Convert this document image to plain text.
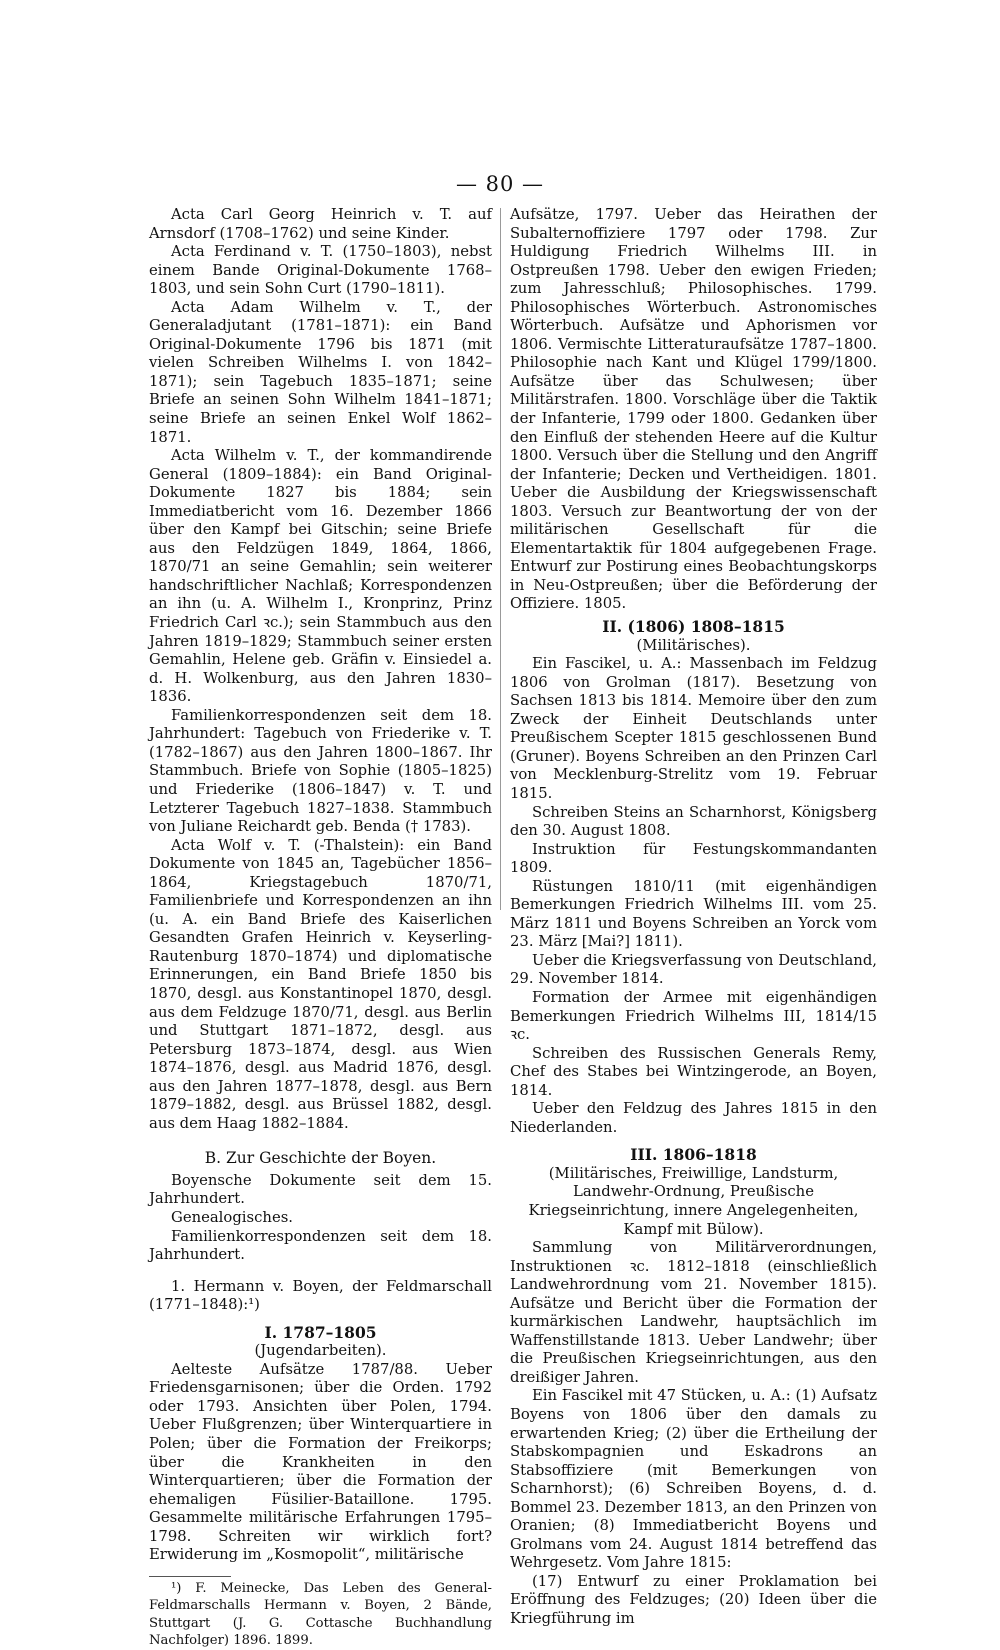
— 80 —

Acta Carl Georg Heinrich v. T. auf Arnsdorf (1708–1762) und seine Kinder.

Acta Ferdinand v. T. (1750–1803), nebst einem Bande Original-Dokumente 1768–1803, und sein Sohn Curt (1790–1811).

Acta Adam Wilhelm v. T., der Generaladjutant (1781–1871): ein Band Original-Dokumente 1796 bis 1871 (mit vielen Schreiben Wilhelms I. von 1842–1871); sein Tagebuch 1835–1871; seine Briefe an seinen Sohn Wilhelm 1841–1871; seine Briefe an seinen Enkel Wolf 1862–1871.

Acta Wilhelm v. T., der kommandirende General (1809–1884): ein Band Original-Dokumente 1827 bis 1884; sein Immediatbericht vom 16. Dezember 1866 über den Kampf bei Gitschin; seine Briefe aus den Feldzügen 1849, 1864, 1866, 1870/71 an seine Gemahlin; sein weiterer handschriftlicher Nachlaß; Korrespondenzen an ihn (u. A. Wilhelm I., Kronprinz, Prinz Friedrich Carl ꝛc.); sein Stammbuch aus den Jahren 1819–1829; Stammbuch seiner ersten Gemahlin, Helene geb. Gräfin v. Einsiedel a. d. H. Wolkenburg, aus den Jahren 1830–1836.

Familienkorrespondenzen seit dem 18. Jahrhundert: Tagebuch von Friederike v. T. (1782–1867) aus den Jahren 1800–1867. Ihr Stammbuch. Briefe von Sophie (1805–1825) und Friederike (1806–1847) v. T. und Letzterer Tagebuch 1827–1838. Stammbuch von Juliane Reichardt geb. Benda († 1783).

Acta Wolf v. T. (-Thalstein): ein Band Dokumente von 1845 an, Tagebücher 1856–1864, Kriegstagebuch 1870/71, Familienbriefe und Korrespondenzen an ihn (u. A. ein Band Briefe des Kaiserlichen Gesandten Grafen Heinrich v. Keyserling-Rautenburg 1870–1874) und diplomatische Erinnerungen, ein Band Briefe 1850 bis 1870, desgl. aus Konstantinopel 1870, desgl. aus dem Feldzuge 1870/71, desgl. aus Berlin und Stuttgart 1871–1872, desgl. aus Petersburg 1873–1874, desgl. aus Wien 1874–1876, desgl. aus Madrid 1876, desgl. aus den Jahren 1877–1878, desgl. aus Bern 1879–1882, desgl. aus Brüssel 1882, desgl. aus dem Haag 1882–1884.

B. Zur Geschichte der Boyen.

Boyensche Dokumente seit dem 15. Jahrhundert.

Genealogisches.

Familienkorrespondenzen seit dem 18. Jahrhundert.

1. Hermann v. Boyen, der Feldmarschall (1771–1848):¹)

I. 1787–1805

(Jugendarbeiten).

Aelteste Aufsätze 1787/88. Ueber Friedensgarnisonen; über die Orden. 1792 oder 1793. Ansichten über Polen, 1794. Ueber Flußgrenzen; über Winterquartiere in Polen; über die Formation der Freikorps; über die Krankheiten in den Winterquartieren; über die Formation der ehemaligen Füsilier-Bataillone. 1795. Gesammelte militärische Erfahrungen 1795–1798. Schreiten wir wirklich fort? Erwiderung im „Kosmopolit“, militärische

¹) F. Meinecke, Das Leben des General-Feldmarschalls Hermann v. Boyen, 2 Bände, Stuttgart (J. G. Cottasche Buchhandlung Nachfolger) 1896. 1899.

Aufsätze, 1797. Ueber das Heirathen der Subalternoffiziere 1797 oder 1798. Zur Huldigung Friedrich Wilhelms III. in Ostpreußen 1798. Ueber den ewigen Frieden; zum Jahresschluß; Philosophisches. 1799. Philosophisches Wörterbuch. Astronomisches Wörterbuch. Aufsätze und Aphorismen vor 1806. Vermischte Litteraturaufsätze 1787–1800. Philosophie nach Kant und Klügel 1799/1800. Aufsätze über das Schulwesen; über Militärstrafen. 1800. Vorschläge über die Taktik der Infanterie, 1799 oder 1800. Gedanken über den Einfluß der stehenden Heere auf die Kultur 1800. Versuch über die Stellung und den Angriff der Infanterie; Decken und Vertheidigen. 1801. Ueber die Ausbildung der Kriegswissenschaft 1803. Versuch zur Beantwortung der von der militärischen Gesellschaft für die Elementartaktik für 1804 aufgegebenen Frage. Entwurf zur Postirung eines Beobachtungskorps in Neu-Ostpreußen; über die Beförderung der Offiziere. 1805.

II. (1806) 1808–1815

(Militärisches).

Ein Fascikel, u. A.: Massenbach im Feldzug 1806 von Grolman (1817). Besetzung von Sachsen 1813 bis 1814. Memoire über den zum Zweck der Einheit Deutschlands unter Preußischem Scepter 1815 geschlossenen Bund (Gruner). Boyens Schreiben an den Prinzen Carl von Mecklenburg-Strelitz vom 19. Februar 1815.

Schreiben Steins an Scharnhorst, Königsberg den 30. August 1808.

Instruktion für Festungskommandanten 1809.

Rüstungen 1810/11 (mit eigenhändigen Bemerkungen Friedrich Wilhelms III. vom 25. März 1811 und Boyens Schreiben an Yorck vom 23. März [Mai?] 1811).

Ueber die Kriegsverfassung von Deutschland, 29. November 1814.

Formation der Armee mit eigenhändigen Bemerkungen Friedrich Wilhelms III, 1814/15 ꝛc.

Schreiben des Russischen Generals Remy, Chef des Stabes bei Wintzingerode, an Boyen, 1814.

Ueber den Feldzug des Jahres 1815 in den Niederlanden.

III. 1806–1818

(Militärisches, Freiwillige, Landsturm, Landwehr-Ordnung, Preußische Kriegseinrichtung, innere Angelegenheiten, Kampf mit Bülow).

Sammlung von Militärverordnungen, Instruktionen ꝛc. 1812–1818 (einschließlich Landwehrordnung vom 21. November 1815). Aufsätze und Bericht über die Formation der kurmärkischen Landwehr, hauptsächlich im Waffenstillstande 1813. Ueber Landwehr; über die Preußischen Kriegseinrichtungen, aus den dreißiger Jahren.

Ein Fascikel mit 47 Stücken, u. A.: (1) Aufsatz Boyens von 1806 über den damals zu erwartenden Krieg; (2) über die Ertheilung der Stabskompagnien und Eskadrons an Stabsoffiziere (mit Bemerkungen von Scharnhorst); (6) Schreiben Boyens, d. d. Bommel 23. Dezember 1813, an den Prinzen von Oranien; (8) Immediatbericht Boyens und Grolmans vom 24. August 1814 betreffend das Wehrgesetz. Vom Jahre 1815:

(17) Entwurf zu einer Proklamation bei Eröffnung des Feldzuges; (20) Ideen über die Kriegführung im
